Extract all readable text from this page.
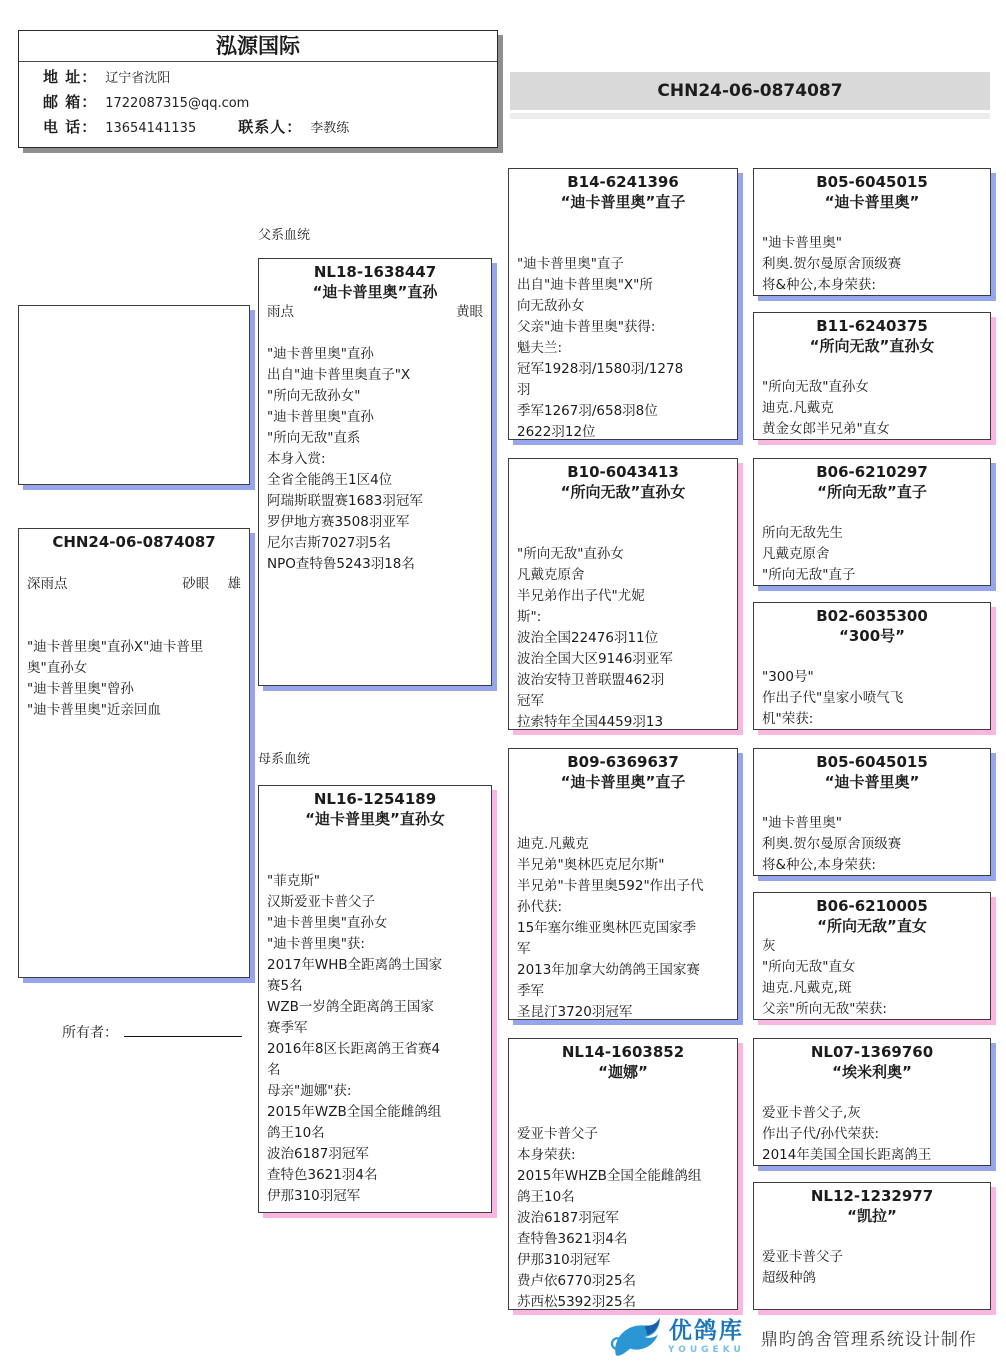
泓源国际
地 址： 辽宁省沈阳
邮 箱： 1722087315@qq.com
电 话： 13654141135	联系人： 李教练
CHN24-06-0874087
CHN24-06-0874087
深雨点	砂眼 雄
"迪卡普里奥"直孙X"迪卡普里
奥"直孙女
"迪卡普里奥"曾孙
"迪卡普里奥"近亲回血
所有者：
父系血统
母系血统
NL18-1638447
“迪卡普里奥”直孙
雨点	黄眼
"迪卡普里奥"直孙
出自"迪卡普里奥直子"X
"所向无敌孙女"
"迪卡普里奥"直孙
"所向无敌"直系
本身入赏:
全省全能鸽王1区4位
阿瑞斯联盟赛1683羽冠军
罗伊地方赛3508羽亚军
尼尔吉斯7027羽5名
NPO查特鲁5243羽18名
NL16-1254189
“迪卡普里奥”直孙女
"菲克斯"
汉斯爱亚卡普父子
"迪卡普里奥"直孙女
"迪卡普里奥"获:
2017年WHB全距离鸽土国家
赛5名
WZB一岁鸽全距离鸽王国家
赛季军
2016年8区长距离鸽王省赛4
名
母亲"迦娜"获:
2015年WZB全国全能雌鸽组
鸽王10名
波治6187羽冠军
查特色3621羽4名
伊那310羽冠军
B14-6241396
“迪卡普里奥”直子
"迪卡普里奥"直子
出自"迪卡普里奥"X"所
向无敌孙女
父亲"迪卡普里奥"获得:
魁夫兰:
冠军1928羽/1580羽/1278
羽
季军1267羽/658羽8位
2622羽12位
B10-6043413
“所向无敌”直孙女
"所向无敌"直孙女
凡戴克原舍
半兄弟作出子代"尤妮
斯":
波治全国22476羽11位
波治全国大区9146羽亚军
波治安特卫普联盟462羽
冠军
拉索特年全国4459羽13
B09-6369637
“迪卡普里奥”直子
迪克.凡戴克
半兄弟"奥林匹克尼尔斯"
半兄弟"卡普里奥592"作出子代
孙代获:
15年塞尔维亚奥林匹克国家季
军
2013年加拿大幼鸽鸽王国家赛
季军
圣昆汀3720羽冠军
NL14-1603852
“迦娜”
爱亚卡普父子
本身荣获:
2015年WHZB全国全能雌鸽组
鸽王10名
波治6187羽冠军
查特鲁3621羽4名
伊那310羽冠军
费卢依6770羽25名
苏西松5392羽25名
B05-6045015
“迪卡普里奥”
"迪卡普里奥"
利奥.贺尔曼原舍顶级赛
将&种公,本身荣获:
B11-6240375
“所向无敌”直孙女
"所向无敌"直孙女
迪克.凡戴克
黄金女郎半兄弟"直女
B06-6210297
“所向无敌”直子
所向无敌先生
凡戴克原舍
"所向无敌"直子
B02-6035300
“300号”
"300号"
作出子代"皇家小喷气飞
机"荣获:
B05-6045015
“迪卡普里奥”
"迪卡普里奥"
利奥.贺尔曼原舍顶级赛
将&种公,本身荣获:
B06-6210005
“所向无敌”直女
灰
"所向无敌"直女
迪克.凡戴克,斑
父亲"所向无敌"荣获:
NL07-1369760
“埃米利奥”
爱亚卡普父子,灰
作出子代/孙代荣获:
2014年美国全国长距离鸽王
NL12-1232977
“凯拉”
爱亚卡普父子
超级种鸽
优鸽库
YOUGEKU
鼎昀鸽舍管理系统设计制作
